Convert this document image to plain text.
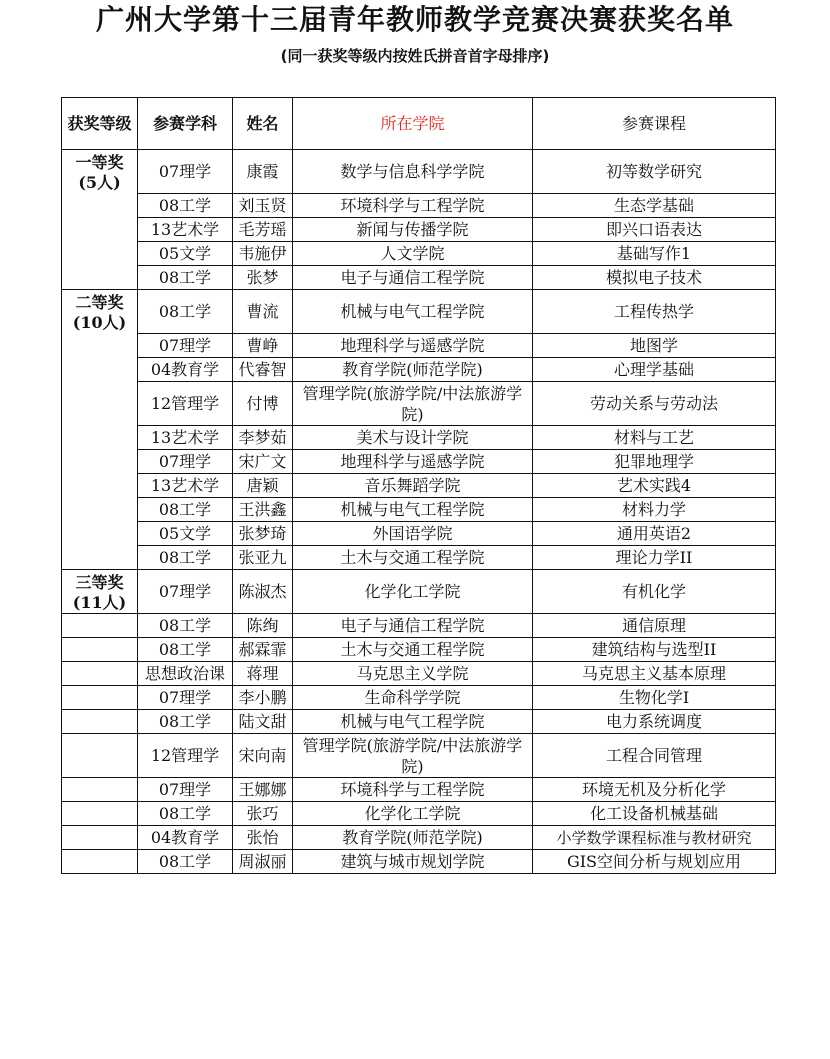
广州大学第十三届青年教师教学竞赛决赛获奖名单
(同一获奖等级内按姓氏拼音首字母排序)
获奖等级	参赛学科	姓名	所在学院	参赛课程

一等奖
(5人)	07理学	康霞	数学与信息科学学院	初等数学研究
	08工学	刘玉贤	环境科学与工程学院	生态学基础
	13艺术学	毛芳瑶	新闻与传播学院	即兴口语表达
	05文学	韦施伊	人文学院	基础写作1
	08工学	张梦	电子与通信工程学院	模拟电子技术

二等奖
(10人)	08工学	曹流	机械与电气工程学院	工程传热学
	07理学	曹峥	地理科学与遥感学院	地图学
	04教育学	代睿智	教育学院(师范学院)	心理学基础
	12管理学	付博	管理学院(旅游学院/中法旅游学院)	劳动关系与劳动法
	13艺术学	李梦茹	美术与设计学院	材料与工艺
	07理学	宋广文	地理科学与遥感学院	犯罪地理学
	13艺术学	唐颖	音乐舞蹈学院	艺术实践4
	08工学	王洪鑫	机械与电气工程学院	材料力学
	05文学	张梦琦	外国语学院	通用英语2
	08工学	张亚九	土木与交通工程学院	理论力学II

三等奖
(11人)	07理学	陈淑杰	化学化工学院	有机化学
	08工学	陈绚	电子与通信工程学院	通信原理
	08工学	郝霖霏	土木与交通工程学院	建筑结构与选型II
	思想政治课	蒋理	马克思主义学院	马克思主义基本原理
	07理学	李小鹏	生命科学学院	生物化学Ⅰ
	08工学	陆文甜	机械与电气工程学院	电力系统调度
	12管理学	宋向南	管理学院(旅游学院/中法旅游学院)	工程合同管理
	07理学	王娜娜	环境科学与工程学院	环境无机及分析化学
	08工学	张巧	化学化工学院	化工设备机械基础
	04教育学	张怡	教育学院(师范学院)	小学数学课程标准与教材研究
	08工学	周淑丽	建筑与城市规划学院	GIS空间分析与规划应用
